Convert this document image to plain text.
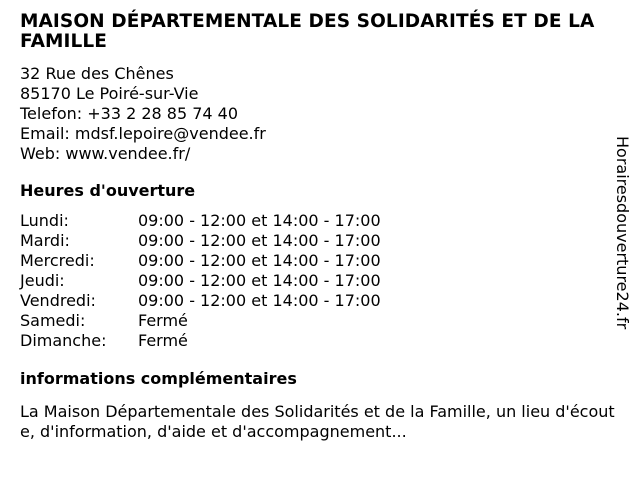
MAISON DÉPARTEMENTALE DES SOLIDARITÉS ET DE LA FAMILLE
32 Rue des Chênes
85170 Le Poiré-sur-Vie
Telefon: +33 2 28 85 74 40
Email: mdsf.lepoire@vendee.fr
Web: www.vendee.fr/
Heures d'ouverture
Lundi:	09:00 - 12:00 et 14:00 - 17:00
Mardi:	09:00 - 12:00 et 14:00 - 17:00
Mercredi:	09:00 - 12:00 et 14:00 - 17:00
Jeudi:	09:00 - 12:00 et 14:00 - 17:00
Vendredi:	09:00 - 12:00 et 14:00 - 17:00
Samedi:	Fermé
Dimanche:	Fermé
informations complémentaires
La Maison Départementale des Solidarités et de la Famille, un lieu d'écoute, d'information, d'aide et d'accompagnement...
Horairesdouverture24.fr
